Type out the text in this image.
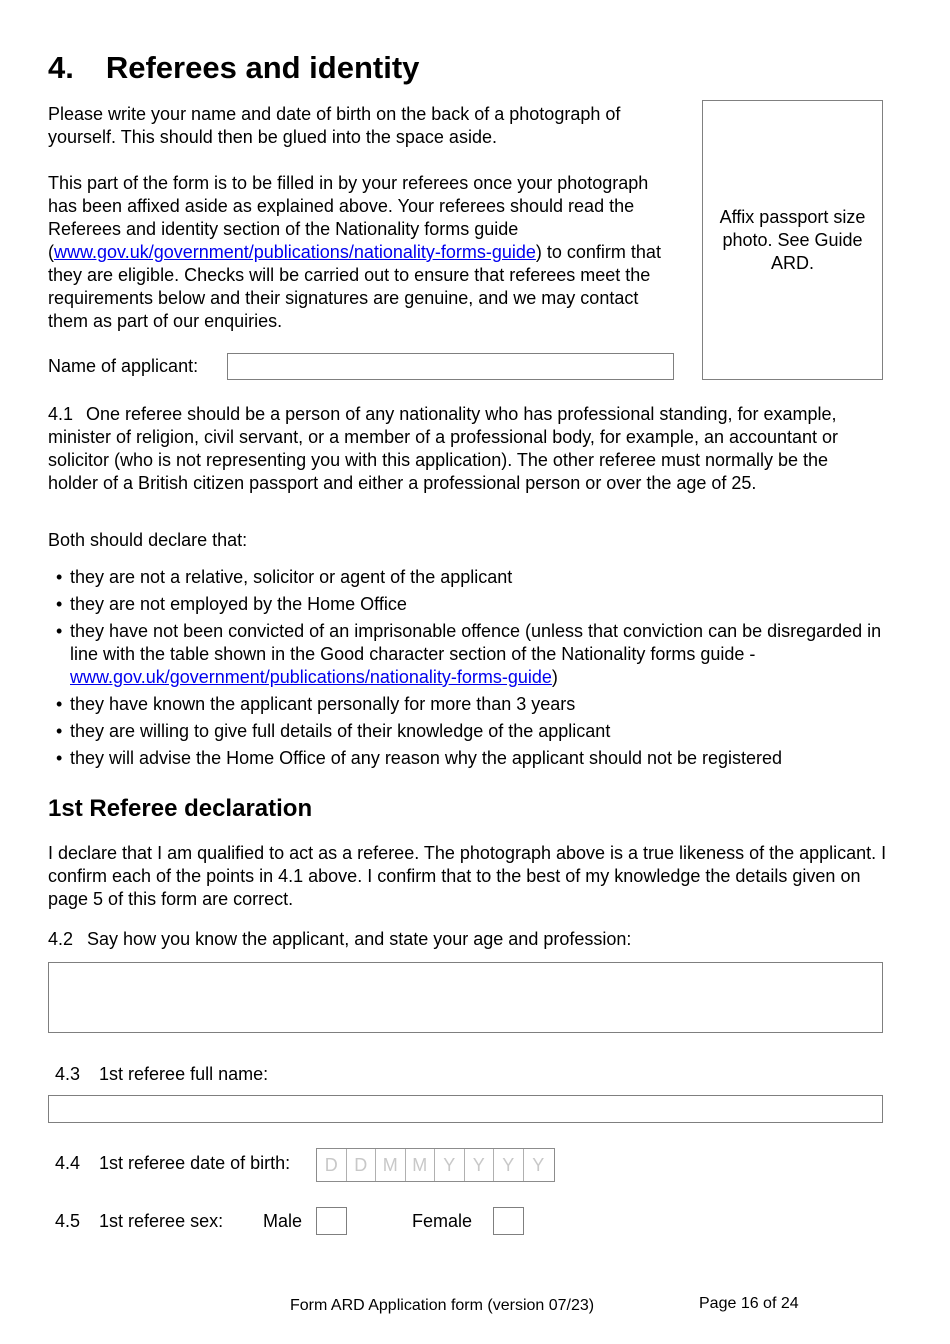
4. Referees and identity

Please write your name and date of birth on the back of a photograph of yourself. This should then be glued into the space aside.

This part of the form is to be filled in by your referees once your photograph has been affixed aside as explained above. Your referees should read the Referees and identity section of the Nationality forms guide (www.gov.uk/government/publications/nationality-forms-guide) to confirm that they are eligible. Checks will be carried out to ensure that referees meet the requirements below and their signatures are genuine, and we may contact them as part of our enquiries.

Affix passport size photo. See Guide ARD.
Name of applicant:

4.1 One referee should be a person of any nationality who has professional standing, for example, minister of religion, civil servant, or a member of a professional body, for example, an accountant or solicitor (who is not representing you with this application). The other referee must normally be the holder of a British citizen passport and either a professional person or over the age of 25.

Both should declare that:

• they are not a relative, solicitor or agent of the applicant
• they are not employed by the Home Office
• they have not been convicted of an imprisonable offence (unless that conviction can be disregarded in line with the table shown in the Good character section of the Nationality forms guide - www.gov.uk/government/publications/nationality-forms-guide)
• they have known the applicant personally for more than 3 years
• they are willing to give full details of their knowledge of the applicant
• they will advise the Home Office of any reason why the applicant should not be registered
1st Referee declaration

I declare that I am qualified to act as a referee. The photograph above is a true likeness of the applicant. I confirm each of the points in 4.1 above. I confirm that to the best of my knowledge the details given on page 5 of this form are correct.

4.2 Say how you know the applicant, and state your age and profession:

4.3 1st referee full name:

4.4 1st referee date of birth:	D D M M Y Y Y Y

4.5 1st referee sex: Male	Female
Form ARD Application form (version 07/23)	Page 16 of 24
